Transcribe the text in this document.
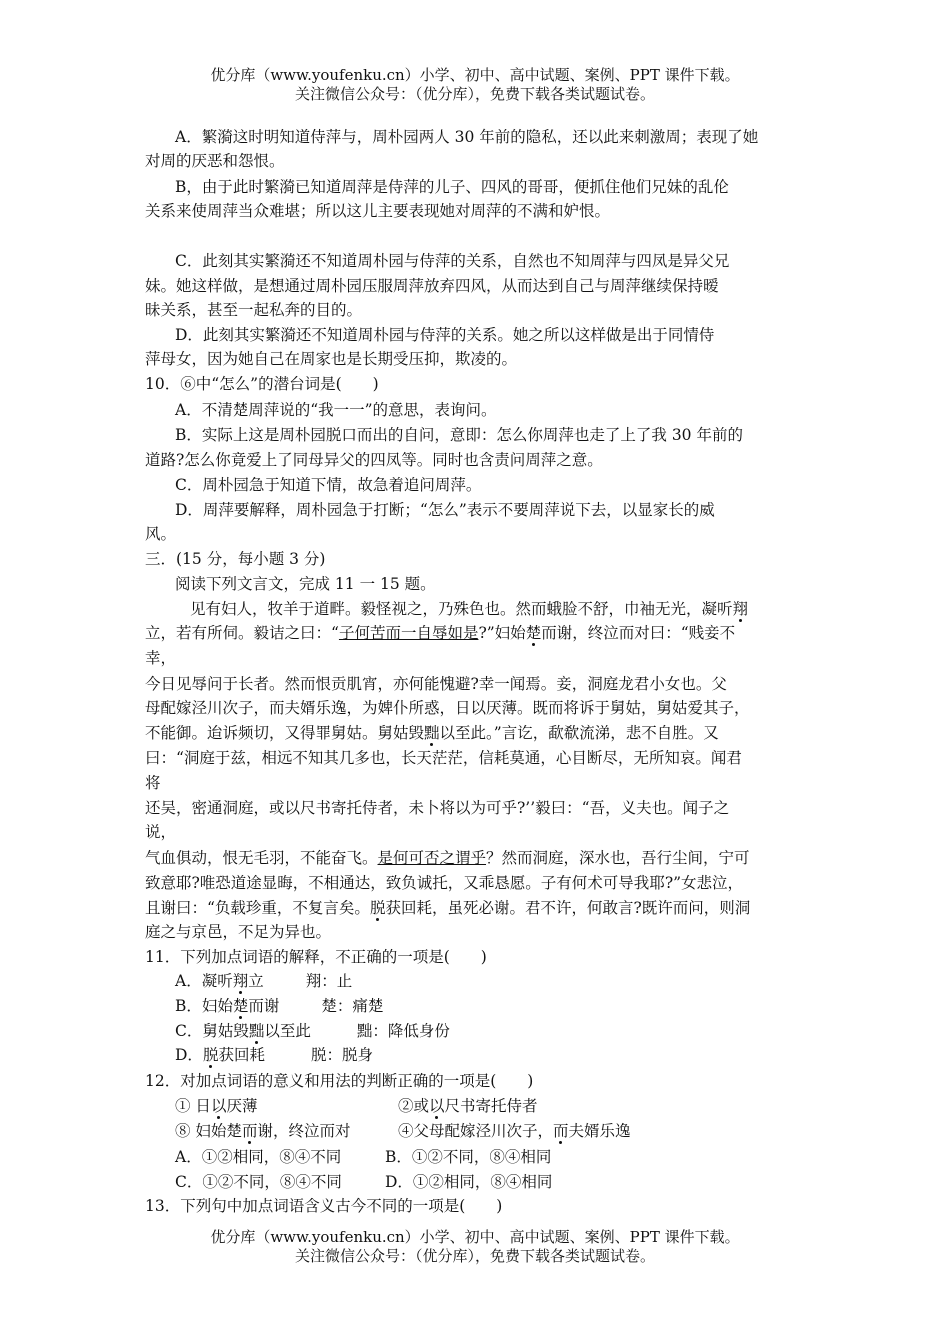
优分库（www.youfenku.cn）小学、初中、高中试题、案例、PPT 课件下载。
关注微信公众号：（优分库），免费下载各类试题试卷。
A．繁漪这时明知道侍萍与，周朴园两人 30 年前的隐私，还以此来刺激周；表现了她
对周的厌恶和怨恨。
B，由于此时繁漪已知道周萍是侍萍的儿子、四风的哥哥，便抓住他们兄妹的乱伦
关系来使周萍当众难堪；所以这儿主要表现她对周萍的不满和妒恨。
C．此刻其实繁漪还不知道周朴园与侍萍的关系，自然也不知周萍与四凤是异父兄
妹。她这样做，是想通过周朴园压服周萍放弃四风，从而达到自己与周萍继续保持暧
昧关系，甚至一起私奔的目的。
D．此刻其实繁漪还不知道周朴园与侍萍的关系。她之所以这样做是出于同情侍
萍母女，因为她自己在周家也是长期受压抑，欺凌的。
10．⑥中“怎么”的潜台词是(　　)
A．不清楚周萍说的“我一一”的意思，表询问。
B．实际上这是周朴园脱口而出的自问，意即：怎么你周萍也走了上了我 30 年前的
道路?怎么你竟爱上了同母异父的四凤等。同时也含责问周萍之意。
C．周朴园急于知道下情，故急着追问周萍。
D．周萍要解释，周朴园急于打断；“怎么”表示不要周萍说下去，以显家长的威
风。
三．(15 分，每小题 3 分)
阅读下列文言文，完成 11 一 15 题。
见有妇人，牧羊于道畔。毅怪视之，乃殊色也。然而蛾脸不舒，巾袖无光，凝听翔
立，若有所伺。毅诘之曰：“子何苦而一自辱如是?”妇始楚而谢，终泣而对曰：“贱妾不
幸，
今日见辱问于长者。然而恨贡肌宵，亦何能愧避?幸一闻焉。妾，洞庭龙君小女也。父
母配嫁泾川次子，而夫婿乐逸，为婢仆所惑，日以厌薄。既而将诉于舅姑，舅姑爱其子，
不能御。迨诉频切，又得罪舅姑。舅姑毁黜以至此。”言讫，歃欷流涕，悲不自胜。又
曰：“洞庭于兹，相远不知其几多也，长天茫茫，信耗莫通，心目断尽，无所知哀。闻君
将
还吴，密通洞庭，或以尺书寄托侍者，未卜将以为可乎?’’毅曰：“吾，义夫也。闻子之
说，
气血俱动，恨无毛羽，不能奋飞。是何可否之谓乎？然而洞庭，深水也，吾行尘间，宁可
致意耶?唯恐道途显晦，不相通达，致负诚托，又乖恳愿。子有何术可导我耶?”女悲泣，
且谢曰：“负载珍重，不复言矣。脱获回耗，虽死必谢。君不许，何敢言?既许而问，则洞
庭之与京邑，不足为异也。
11．下列加点词语的解释，不正确的一项是(　　)
A．凝听翔立	翔：止
B．妇始楚而谢	楚：痛楚
C．舅姑毁黜以至此	黜：降低身份
D．脱获回耗	脱：脱身
12．对加点词语的意义和用法的判断正确的一项是(　　)
① 日以厌薄	②或以尺书寄托侍者
⑧ 妇始楚而谢，终泣而对	④父母配嫁泾川次子，而夫婿乐逸
A．①②相同，⑧④不同	B．①②不同，⑧④相同
C．①②不同，⑧④不同	D．①②相同，⑧④相同
13．下列句中加点词语含义古今不同的一项是(　　)
优分库（www.youfenku.cn）小学、初中、高中试题、案例、PPT 课件下载。
关注微信公众号：（优分库），免费下载各类试题试卷。
